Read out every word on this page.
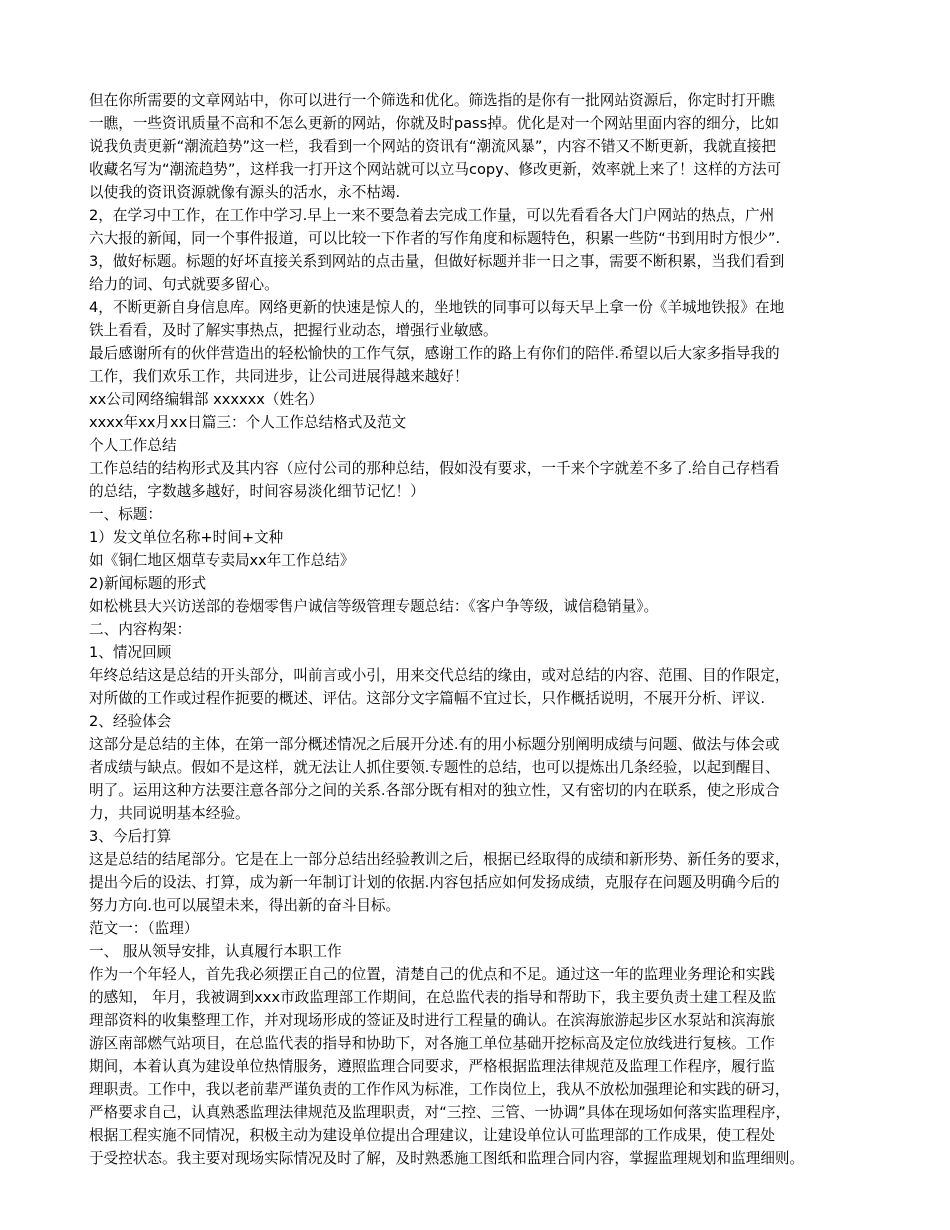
但在你所需要的文章网站中，你可以进行一个筛选和优化。筛选指的是你有一批网站资源后，你定时打开瞧
一瞧，一些资讯质量不高和不怎么更新的网站，你就及时pass掉。优化是对一个网站里面内容的细分，比如
说我负责更新“潮流趋势”这一栏，我看到一个网站的资讯有“潮流风暴”，内容不错又不断更新，我就直接把
收藏名写为“潮流趋势”，这样我一打开这个网站就可以立马copy、修改更新，效率就上来了！这样的方法可
以使我的资讯资源就像有源头的活水，永不枯竭.
2，在学习中工作，在工作中学习.早上一来不要急着去完成工作量，可以先看看各大门户网站的热点，广州
六大报的新闻，同一个事件报道，可以比较一下作者的写作角度和标题特色，积累一些防“书到用时方恨少”.
3，做好标题。标题的好坏直接关系到网站的点击量，但做好标题并非一日之事，需要不断积累，当我们看到
给力的词、句式就要多留心。
4，不断更新自身信息库。网络更新的快速是惊人的，坐地铁的同事可以每天早上拿一份《羊城地铁报》在地
铁上看看，及时了解实事热点，把握行业动态，增强行业敏感。
最后感谢所有的伙伴营造出的轻松愉快的工作气氛，感谢工作的路上有你们的陪伴.希望以后大家多指导我的
工作，我们欢乐工作，共同进步，让公司进展得越来越好！
xx公司网络编辑部 xxxxxx（姓名）
xxxx年xx月xx日篇三：个人工作总结格式及范文
个人工作总结
工作总结的结构形式及其内容（应付公司的那种总结，假如没有要求，一千来个字就差不多了.给自己存档看
的总结，字数越多越好，时间容易淡化细节记忆！）
一、标题：
1）发文单位名称+时间+文种
如《铜仁地区烟草专卖局xx年工作总结》
2)新闻标题的形式
如松桃县大兴访送部的卷烟零售户诚信等级管理专题总结：《客户争等级，诚信稳销量》。
二、内容构架：
1、情况回顾
年终总结这是总结的开头部分，叫前言或小引，用来交代总结的缘由，或对总结的内容、范围、目的作限定，
对所做的工作或过程作扼要的概述、评估。这部分文字篇幅不宜过长，只作概括说明，不展开分析、评议.
2、经验体会
这部分是总结的主体，在第一部分概述情况之后展开分述.有的用小标题分别阐明成绩与问题、做法与体会或
者成绩与缺点。假如不是这样，就无法让人抓住要领.专题性的总结，也可以提炼出几条经验，以起到醒目、
明了。运用这种方法要注意各部分之间的关系.各部分既有相对的独立性，又有密切的内在联系，使之形成合
力，共同说明基本经验。
3、今后打算
这是总结的结尾部分。它是在上一部分总结出经验教训之后，根据已经取得的成绩和新形势、新任务的要求，
提出今后的设法、打算，成为新一年制订计划的依据.内容包括应如何发扬成绩，克服存在问题及明确今后的
努力方向.也可以展望未来，得出新的奋斗目标。
范文一：（监理）
一、 服从领导安排，认真履行本职工作
作为一个年轻人，首先我必须摆正自己的位置，清楚自己的优点和不足。通过这一年的监理业务理论和实践
的感知， 年月，我被调到xxx市政监理部工作期间，在总监代表的指导和帮助下，我主要负责土建工程及监
理部资料的收集整理工作，并对现场形成的签证及时进行工程量的确认。在滨海旅游起步区水泵站和滨海旅
游区南部燃气站项目，在总监代表的指导和协助下，对各施工单位基础开挖标高及定位放线进行复核。工作
期间，本着认真为建设单位热情服务，遵照监理合同要求，严格根据监理法律规范及监理工作程序，履行监
理职责。工作中，我以老前辈严谨负责的工作作风为标准，工作岗位上，我从不放松加强理论和实践的研习，
严格要求自己，认真熟悉监理法律规范及监理职责，对“三控、三管、一协调”具体在现场如何落实监理程序，
根据工程实施不同情况，积极主动为建设单位提出合理建议，让建设单位认可监理部的工作成果，使工程处
于受控状态。我主要对现场实际情况及时了解，及时熟悉施工图纸和监理合同内容，掌握监理规划和监理细则。
